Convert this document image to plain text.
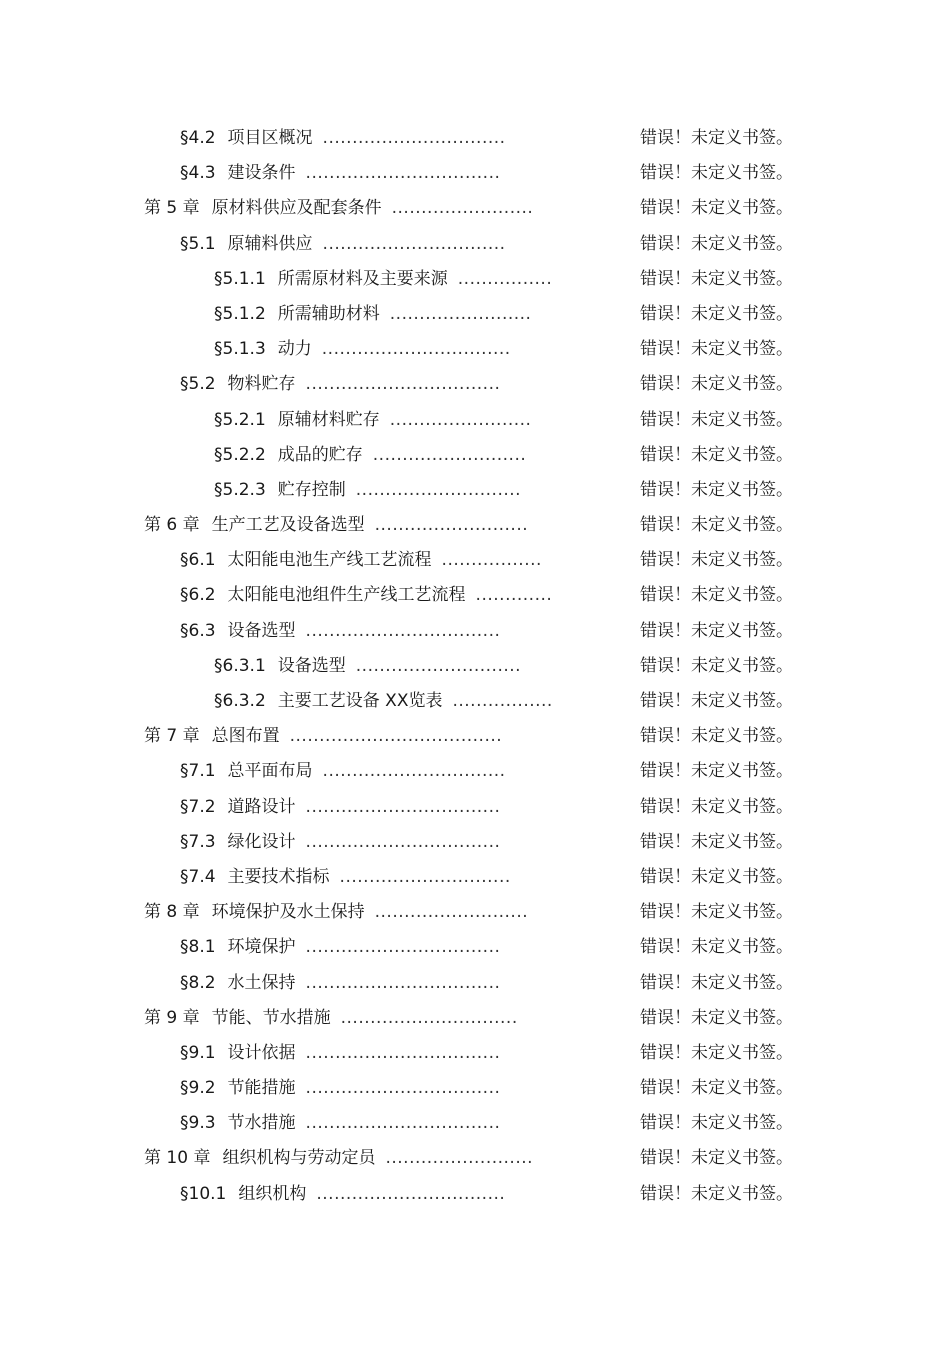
§4.2 项目区概况 ...............................	错误！未定义书签。
§4.3 建设条件 .................................	错误！未定义书签。
第 5 章 原材料供应及配套条件 ........................	错误！未定义书签。
§5.1 原辅料供应 ...............................	错误！未定义书签。
§5.1.1 所需原材料及主要来源 ................	错误！未定义书签。
§5.1.2 所需辅助材料 ........................	错误！未定义书签。
§5.1.3 动力 ................................	错误！未定义书签。
§5.2 物料贮存 .................................	错误！未定义书签。
§5.2.1 原辅材料贮存 ........................	错误！未定义书签。
§5.2.2 成品的贮存 ..........................	错误！未定义书签。
§5.2.3 贮存控制 ............................	错误！未定义书签。
第 6 章 生产工艺及设备选型 ..........................	错误！未定义书签。
§6.1 太阳能电池生产线工艺流程 .................	错误！未定义书签。
§6.2 太阳能电池组件生产线工艺流程 .............	错误！未定义书签。
§6.3 设备选型 .................................	错误！未定义书签。
§6.3.1 设备选型 ............................	错误！未定义书签。
§6.3.2 主要工艺设备 XX览表 .................	错误！未定义书签。
第 7 章 总图布置 ....................................	错误！未定义书签。
§7.1 总平面布局 ...............................	错误！未定义书签。
§7.2 道路设计 .................................	错误！未定义书签。
§7.3 绿化设计 .................................	错误！未定义书签。
§7.4 主要技术指标 .............................	错误！未定义书签。
第 8 章 环境保护及水土保持 ..........................	错误！未定义书签。
§8.1 环境保护 .................................	错误！未定义书签。
§8.2 水土保持 .................................	错误！未定义书签。
第 9 章 节能、节水措施 ..............................	错误！未定义书签。
§9.1 设计依据 .................................	错误！未定义书签。
§9.2 节能措施 .................................	错误！未定义书签。
§9.3 节水措施 .................................	错误！未定义书签。
第 10 章 组织机构与劳动定员 .........................	错误！未定义书签。
§10.1 组织机构 ................................	错误！未定义书签。
